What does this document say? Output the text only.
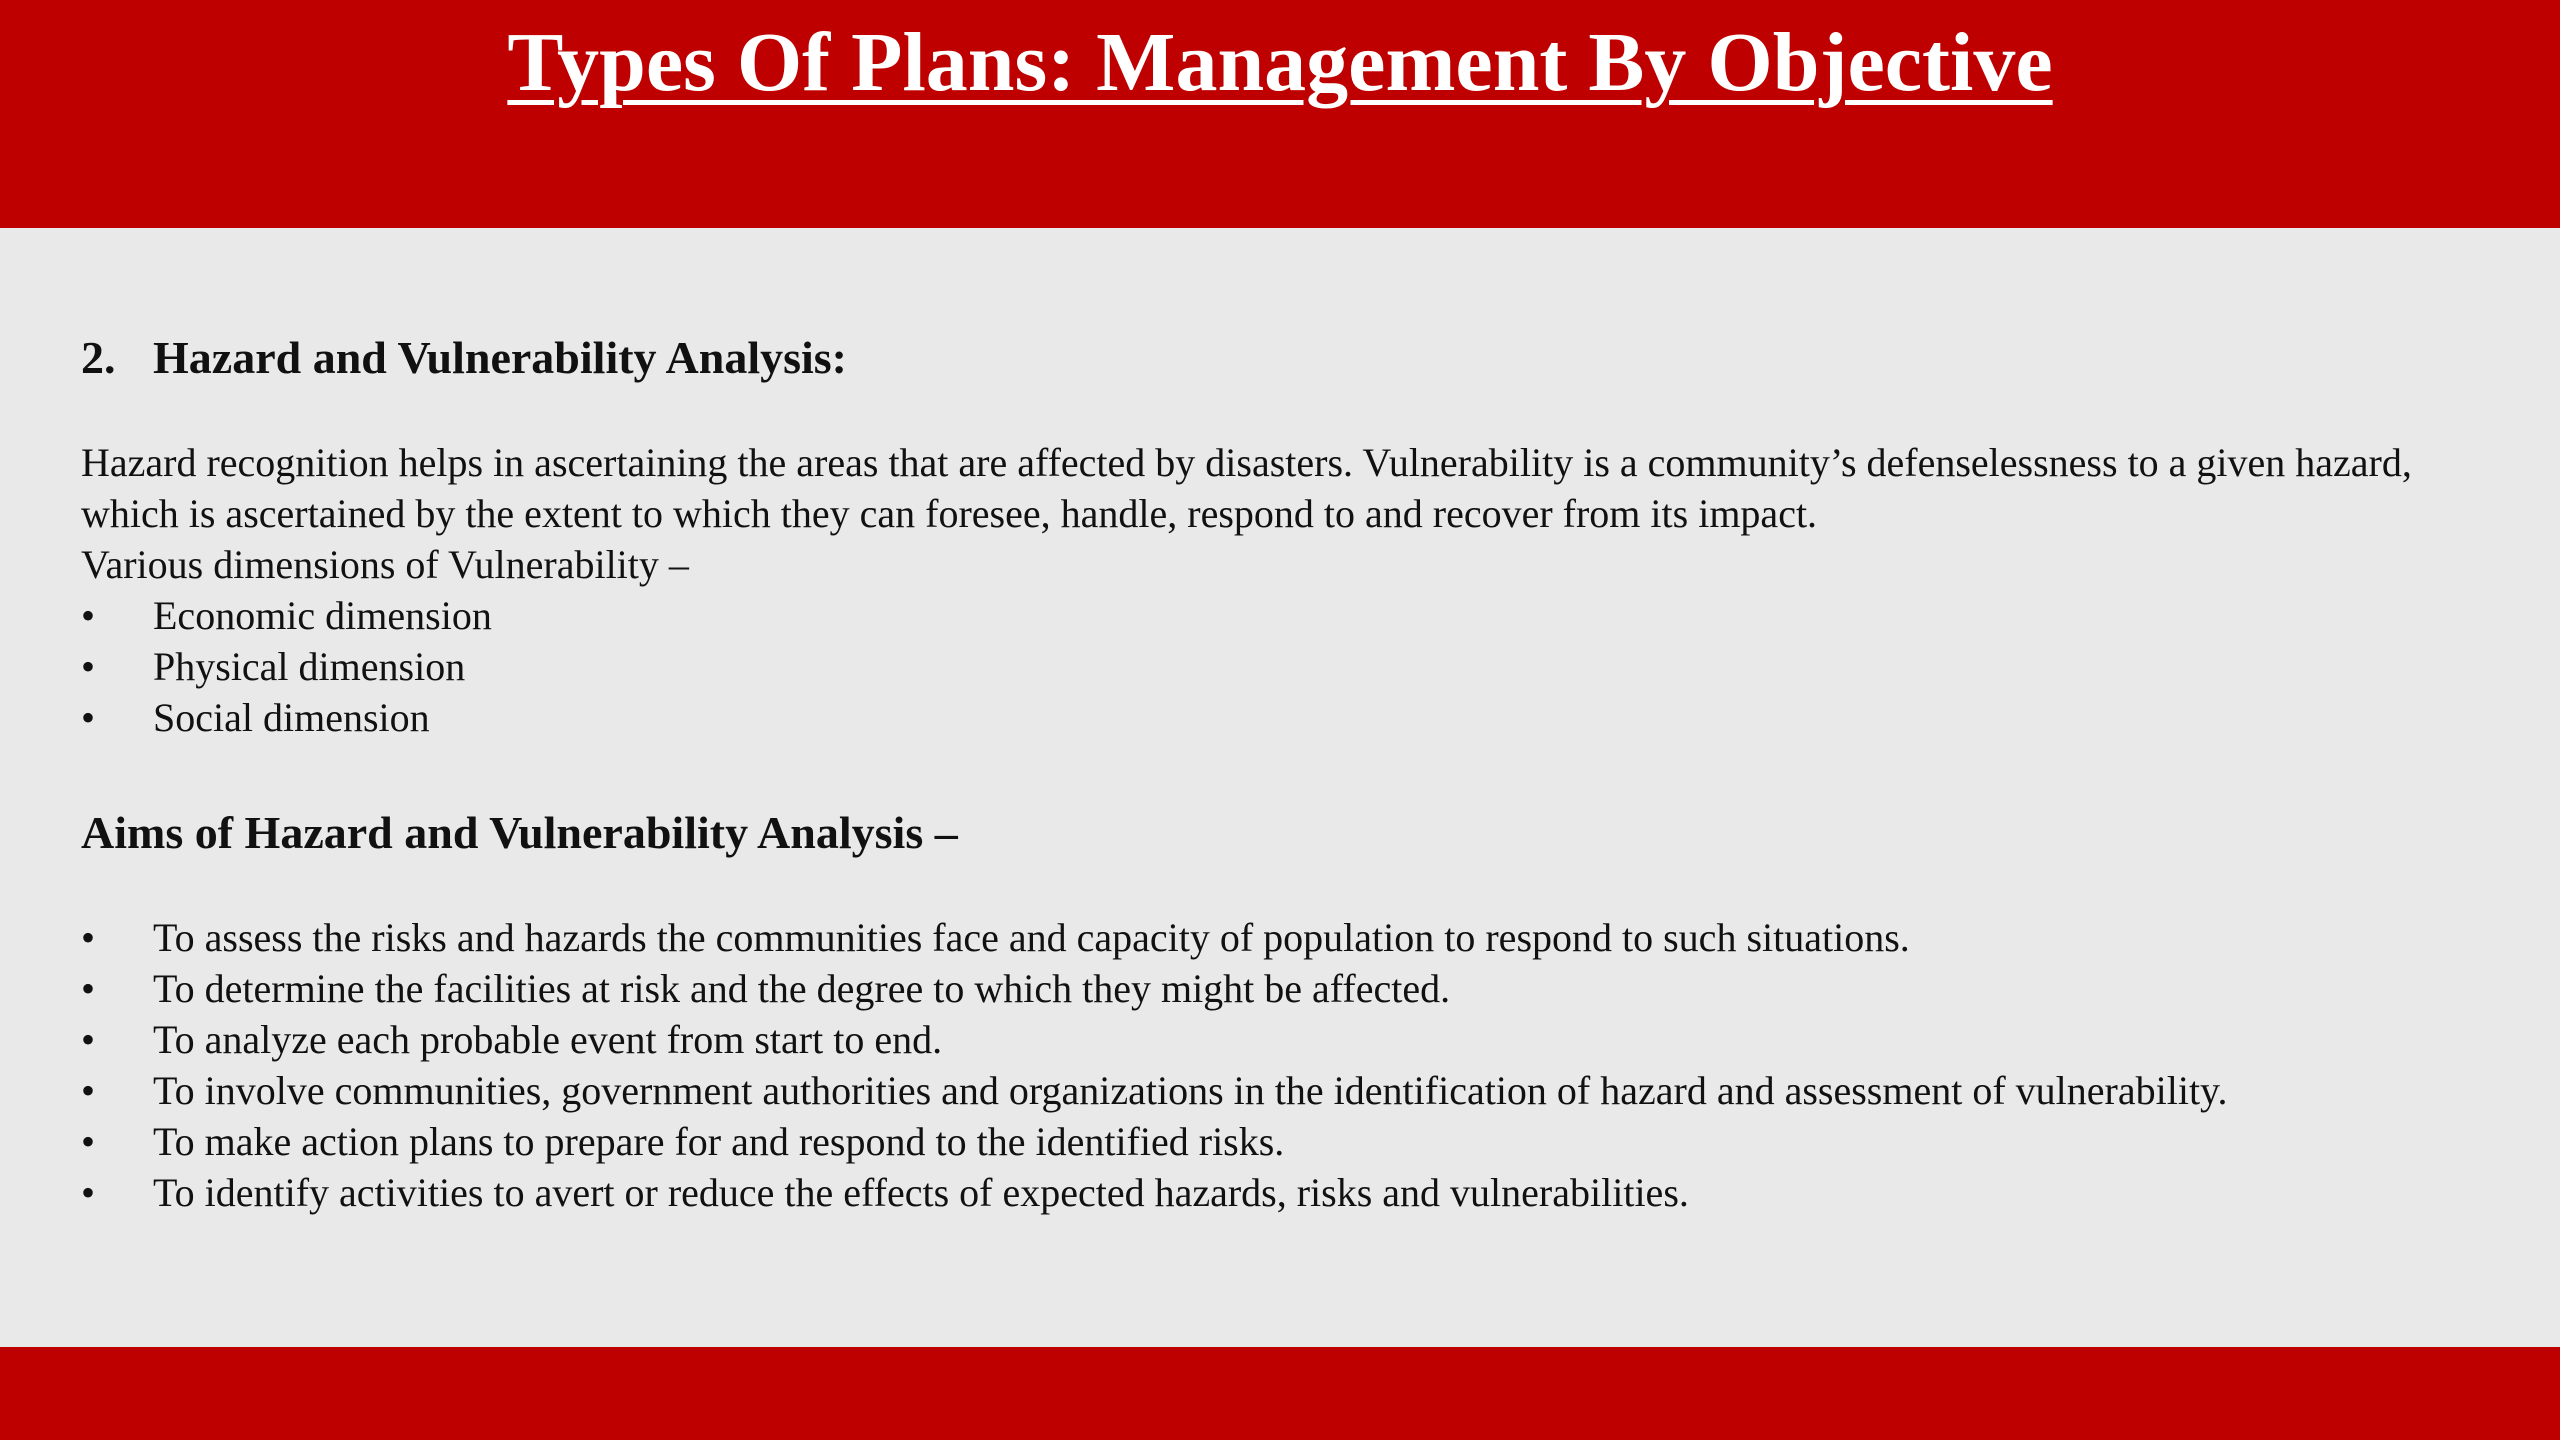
Types Of Plans: Management By Objective
2. Hazard and Vulnerability Analysis:

Hazard recognition helps in ascertaining the areas that are affected by disasters. Vulnerability is a community’s defenselessness to a given hazard, which is ascertained by the extent to which they can foresee, handle, respond to and recover from its impact.

Various dimensions of Vulnerability –

• Economic dimension
• Physical dimension
• Social dimension
Aims of Hazard and Vulnerability Analysis –
• To assess the risks and hazards the communities face and capacity of population to respond to such situations.
• To determine the facilities at risk and the degree to which they might be affected.
• To analyze each probable event from start to end.
• To involve communities, government authorities and organizations in the identification of hazard and assessment of vulnerability.
• To make action plans to prepare for and respond to the identified risks.
• To identify activities to avert or reduce the effects of expected hazards, risks and vulnerabilities.
